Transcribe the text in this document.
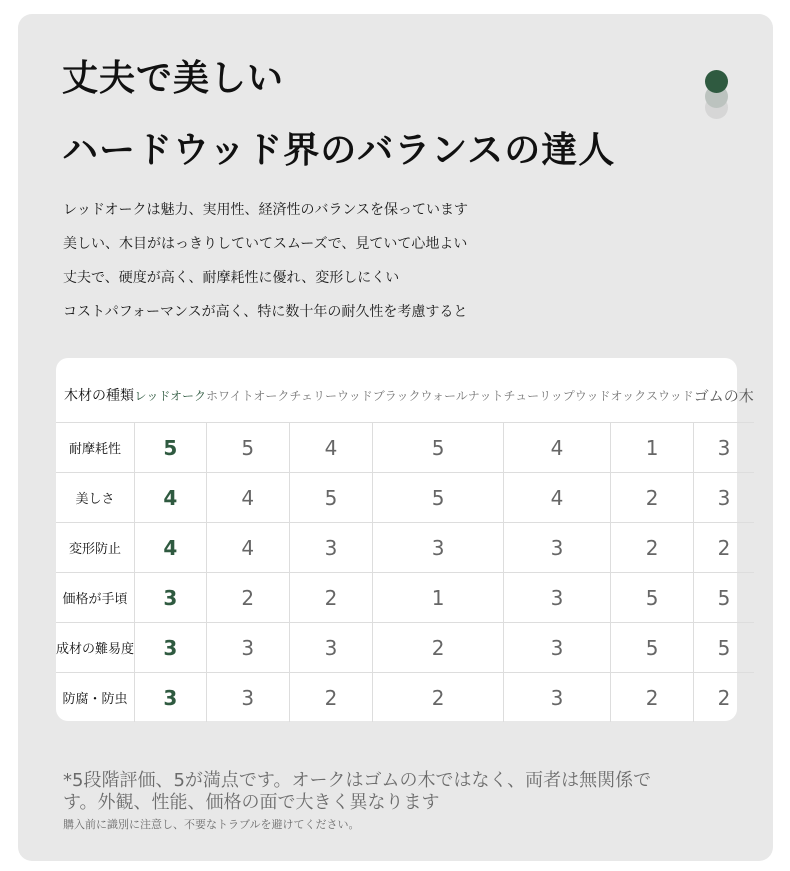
丈夫で美しい
ハードウッド界のバランスの達人

レッドオークは魅力、実用性、経済性のバランスを保っています

美しい、木目がはっきりしていてスムーズで、見ていて心地よい

丈夫で、硬度が高く、耐摩耗性に優れ、変形しにくい

コストパフォーマンスが高く、特に数十年の耐久性を考慮すると

木材の種類	レッドオーク	ホワイトオーク	チェリーウッド	ブラックウォールナット	チューリップウッド	オックスウッド	ゴムの木
耐摩耗性	5	5	4	5	4	1	3
美しさ	4	4	5	5	4	2	3
変形防止	4	4	3	3	3	2	2
価格が手頃	3	2	2	1	3	5	5
成材の難易度	3	3	3	2	3	5	5
防腐・防虫	3	3	2	2	3	2	2

*5段階評価、5が満点です。オークはゴムの木ではなく、両者は無関係です。外観、性能、価格の面で大きく異なります

購入前に識別に注意し、不要なトラブルを避けてください。
